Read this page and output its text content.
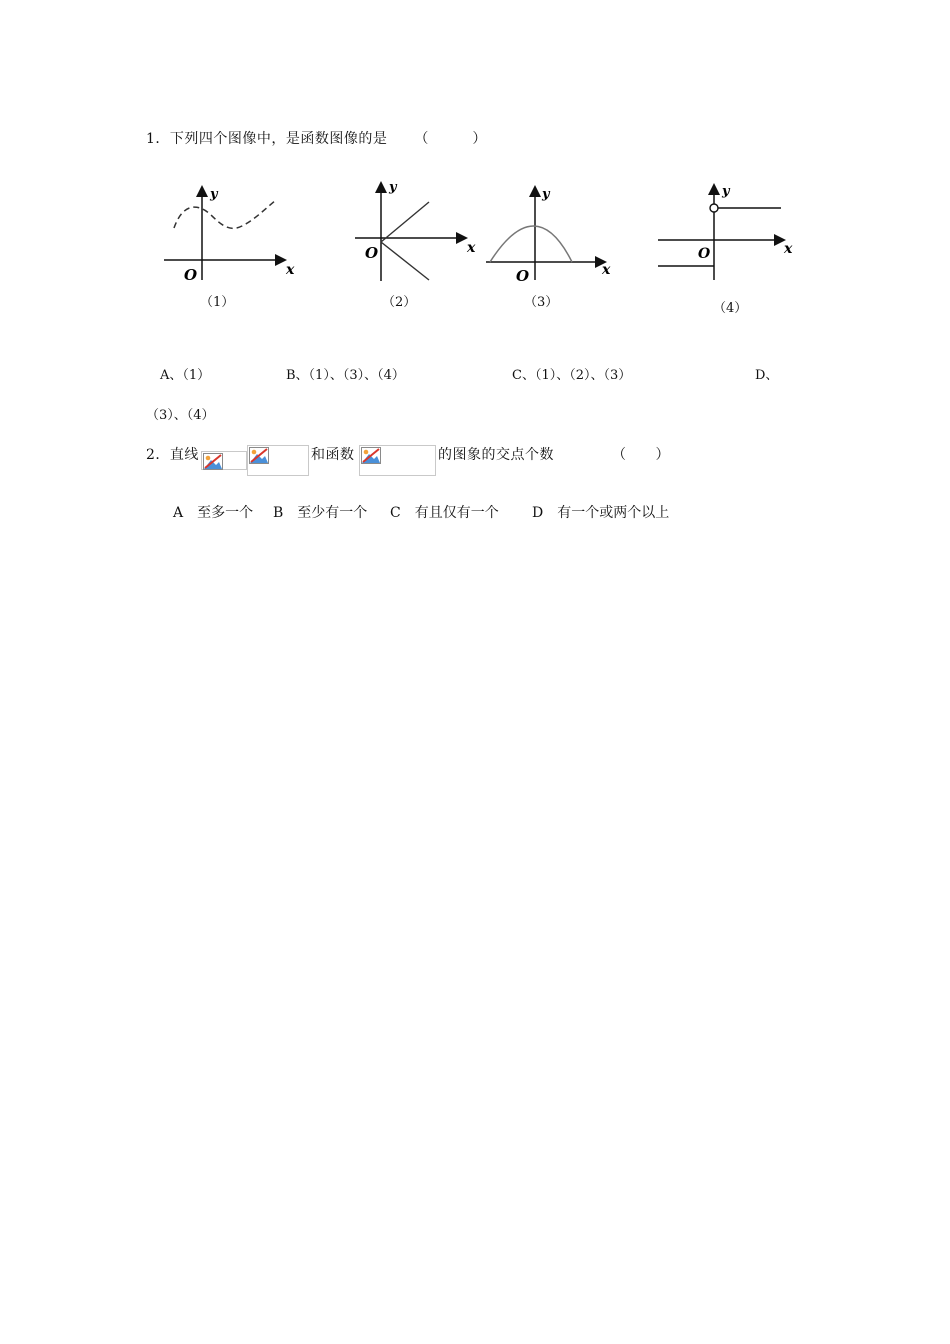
1．下列四个图像中，是函数图像的是 （　　　）
y
x
O
（1）
y
x
O
（2）
y
x
O
（3）
y
x
O
（4）
A、（1）	B、（1）、（3）、（4）	C、（1）、（2）、（3）	D、
（3）、（4）
2．直线	和函数	的图象的交点个数	（　　）
A　至多一个 B　至少有一个 C　有且仅有一个 D　有一个或两个以上
